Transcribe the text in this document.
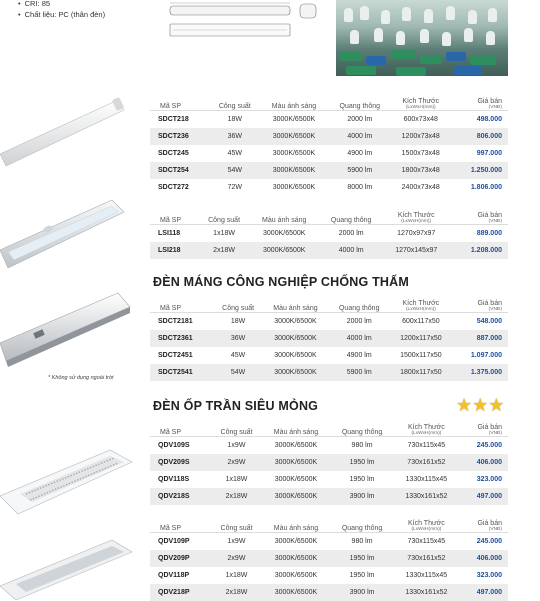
• CRI: 85
• Chất liệu: PC (thân đèn)
* Không sử dụng ngoài trời
Mã SP	Công suất	Màu ánh sáng	Quang thông	Kích Thước
(LxWxH(mm))	Giá bán
(VNĐ)

SDCT218	18W	3000K/6500K	2000 lm	600x73x48	498.000
SDCT236	36W	3000K/6500K	4000 lm	1200x73x48	806.000
SDCT245	45W	3000K/6500K	4900 lm	1500x73x48	997.000
SDCT254	54W	3000K/6500K	5900 lm	1800x73x48	1.250.000
SDCT272	72W	3000K/6500K	8000 lm	2400x73x48	1.806.000
Mã SP	Công suất	Màu ánh sáng	Quang thông	Kích Thước
(LxWxH(mm))	Giá bán
(VNĐ)

LSI118	1x18W	3000K/6500K	2000 lm	1270x97x97	889.000
LSI218	2x18W	3000K/6500K	4000 lm	1270x145x97	1.208.000
ĐÈN MÁNG CÔNG NGHIỆP CHỐNG THẤM
Mã SP	Công suất	Màu ánh sáng	Quang thông	Kích Thước
(LxWxH(mm))	Giá bán
(VNĐ)

SDCT2181	18W	3000K/6500K	2000 lm	600x117x50	548.000
SDCT2361	36W	3000K/6500K	4000 lm	1200x117x50	887.000
SDCT2451	45W	3000K/6500K	4900 lm	1500x117x50	1.097.000
SDCT2541	54W	3000K/6500K	5900 lm	1800x117x50	1.375.000
ĐÈN ỐP TRẦN SIÊU MỎNG	★★★
Mã SP	Công suất	Màu ánh sáng	Quang thông	Kích Thước
(LxWxH(mm))	Giá bán
(VNĐ)

QDV109S	1x9W	3000K/6500K	980 lm	730x115x45	245.000
QDV209S	2x9W	3000K/6500K	1950 lm	730x161x52	406.000
QDV118S	1x18W	3000K/6500K	1950 lm	1330x115x45	323.000
QDV218S	2x18W	3000K/6500K	3900 lm	1330x161x52	497.000
Mã SP	Công suất	Màu ánh sáng	Quang thông	Kích Thước
(LxWxH(mm))	Giá bán
(VNĐ)

QDV109P	1x9W	3000K/6500K	980 lm	730x115x45	245.000
QDV209P	2x9W	3000K/6500K	1950 lm	730x161x52	406.000
QDV118P	1x18W	3000K/6500K	1950 lm	1330x115x45	323.000
QDV218P	2x18W	3000K/6500K	3900 lm	1330x161x52	497.000
